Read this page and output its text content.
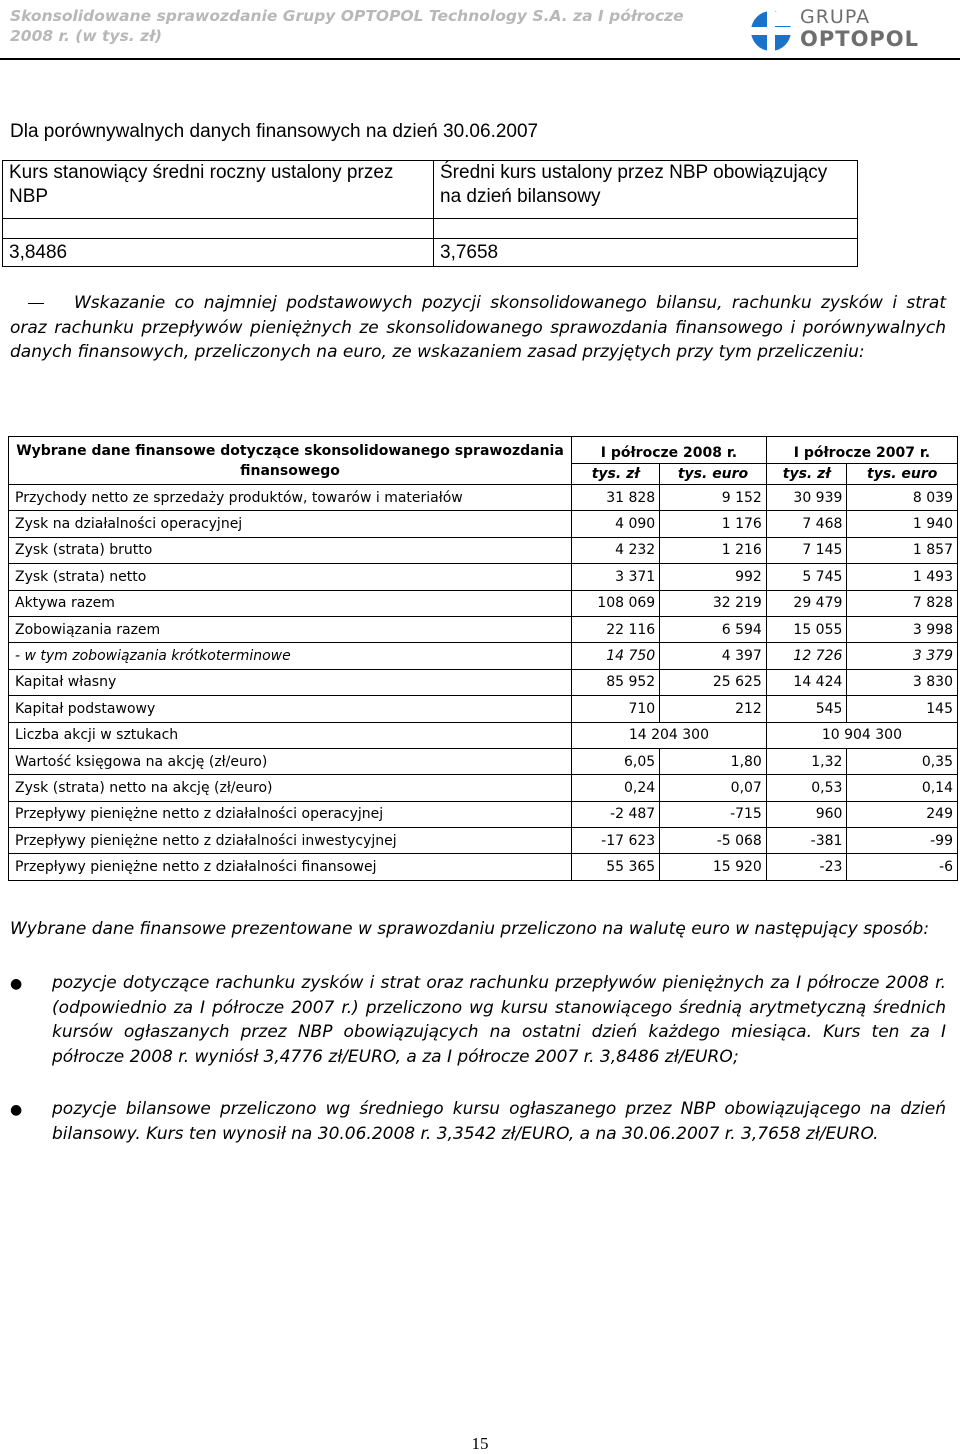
Skonsolidowane sprawozdanie Grupy OPTOPOL Technology S.A. za I półrocze 2008 r. (w tys. zł)
GRUPA
OPTOPOL
Dla porównywalnych danych finansowych na dzień 30.06.2007
Kurs stanowiący średni roczny ustalony przez NBP	Średni kurs ustalony przez NBP obowiązujący na dzień bilansowy

3,8486	3,7658
Wskazanie co najmniej podstawowych pozycji skonsolidowanego bilansu, rachunku zysków i strat oraz rachunku przepływów pieniężnych ze skonsolidowanego sprawozdania finansowego i porównywalnych danych finansowych, przeliczonych na euro, ze wskazaniem zasad przyjętych przy tym przeliczeniu:
Wybrane dane finansowe dotyczące skonsolidowanego sprawozdania finansowego	I półrocze 2008 r.		I półrocze 2007 r.	
	tys. zł	tys. euro	tys. zł	tys. euro
Przychody netto ze sprzedaży produktów, towarów i materiałów	31 828	9 152	30 939	8 039
Zysk na działalności operacyjnej	4 090	1 176	7 468	1 940
Zysk (strata) brutto	4 232	1 216	7 145	1 857
Zysk (strata) netto	3 371	992	5 745	1 493
Aktywa razem	108 069	32 219	29 479	7 828
Zobowiązania razem	22 116	6 594	15 055	3 998
- w tym zobowiązania krótkoterminowe	14 750	4 397	12 726	3 379
Kapitał własny	85 952	25 625	14 424	3 830
Kapitał podstawowy	710	212	545	145
Liczba akcji w sztukach	14 204 300		10 904 300	
Wartość księgowa na akcję (zł/euro)	6,05	1,80	1,32	0,35
Zysk (strata) netto na akcję (zł/euro)	0,24	0,07	0,53	0,14
Przepływy pieniężne netto z działalności operacyjnej	-2 487	-715	960	249
Przepływy pieniężne netto z działalności inwestycyjnej	-17 623	-5 068	-381	-99
Przepływy pieniężne netto z działalności finansowej	55 365	15 920	-23	-6
Wybrane dane finansowe prezentowane w sprawozdaniu przeliczono na walutę euro w następujący sposób:
● pozycje dotyczące rachunku zysków i strat oraz rachunku przepływów pieniężnych za I półrocze 2008 r. (odpowiednio za I półrocze 2007 r.) przeliczono wg kursu stanowiącego średnią arytmetyczną średnich kursów ogłaszanych przez NBP obowiązujących na ostatni dzień każdego miesiąca. Kurs ten za I półrocze 2008 r. wyniósł 3,4776 zł/EURO, a za I półrocze 2007 r. 3,8486 zł/EURO;
● pozycje bilansowe przeliczono wg średniego kursu ogłaszanego przez NBP obowiązującego na dzień bilansowy. Kurs ten wynosił na 30.06.2008 r. 3,3542 zł/EURO, a na 30.06.2007 r. 3,7658 zł/EURO.
15
